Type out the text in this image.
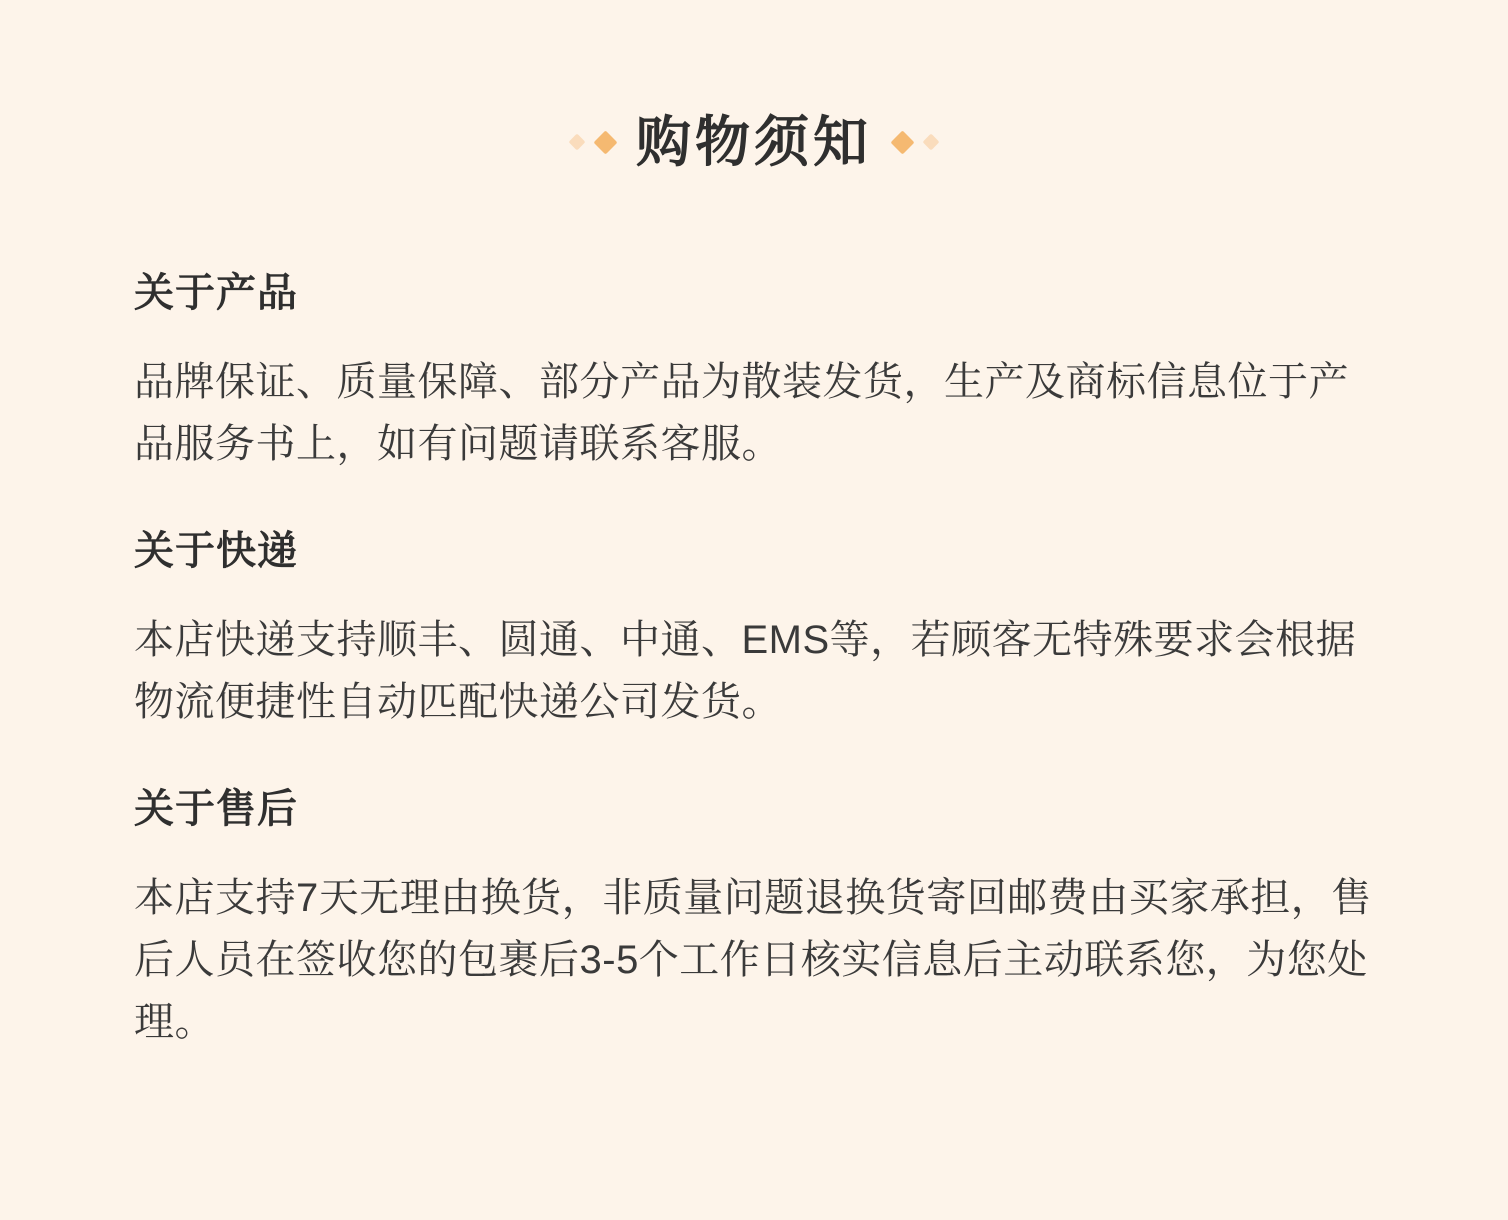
购物须知
关于产品

品牌保证、质量保障、部分产品为散装发货，生产及商标信息位于产品服务书上，如有问题请联系客服。

关于快递

本店快递支持顺丰、圆通、中通、EMS等，若顾客无特殊要求会根据物流便捷性自动匹配快递公司发货。

关于售后

本店支持7天无理由换货，非质量问题退换货寄回邮费由买家承担，售后人员在签收您的包裹后3-5个工作日核实信息后主动联系您，为您处理。
